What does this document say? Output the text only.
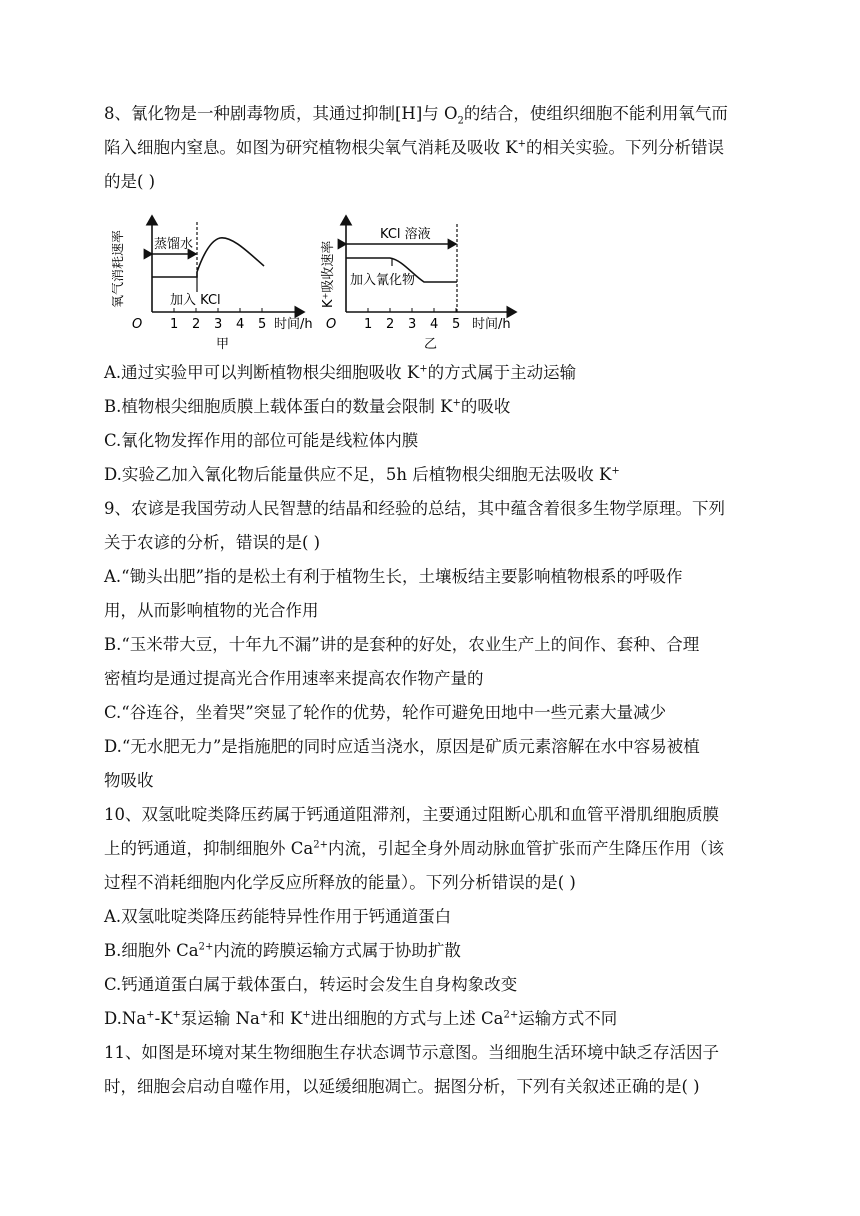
8、氰化物是一种剧毒物质，其通过抑制[H]与 $O_2$的结合，使组织细胞不能利用氧气而
陷入细胞内窒息。如图为研究植物根尖氧气消耗及吸收 K+的相关实验。下列分析错误
的是( )
氧气消耗速率
O 1 2 3 4 5 时间/h
甲
蒸馏水
加入 KCl	K⁺吸收速率
O 1 2 3 4 5 时间/h
乙
KCl 溶液
加入氰化物
A.通过实验甲可以判断植物根尖细胞吸收 K+的方式属于主动运输
B.植物根尖细胞质膜上载体蛋白的数量会限制 K+的吸收
C.氰化物发挥作用的部位可能是线粒体内膜
D.实验乙加入氰化物后能量供应不足，5h 后植物根尖细胞无法吸收 K+
9、农谚是我国劳动人民智慧的结晶和经验的总结，其中蕴含着很多生物学原理。下列
关于农谚的分析，错误的是( )
A.“锄头出肥”指的是松土有利于植物生长，土壤板结主要影响植物根系的呼吸作
用，从而影响植物的光合作用
B.“玉米带大豆，十年九不漏”讲的是套种的好处，农业生产上的间作、套种、合理
密植均是通过提高光合作用速率来提高农作物产量的
C.“谷连谷，坐着哭”突显了轮作的优势，轮作可避免田地中一些元素大量减少
D.“无水肥无力”是指施肥的同时应适当浇水，原因是矿质元素溶解在水中容易被植
物吸收
10、双氢吡啶类降压药属于钙通道阻滞剂，主要通过阻断心肌和血管平滑肌细胞质膜
上的钙通道，抑制细胞外 $Ca^{2+}$内流，引起全身外周动脉血管扩张而产生降压作用（该
过程不消耗细胞内化学反应所释放的能量）。下列分析错误的是( )
A.双氢吡啶类降压药能特异性作用于钙通道蛋白
B.细胞外 $Ca^{2+}$内流的跨膜运输方式属于协助扩散
C.钙通道蛋白属于载体蛋白，转运时会发生自身构象改变
D.Na+-K+泵运输 Na+和 K+进出细胞的方式与上述 $Ca^{2+}$运输方式不同
11、如图是环境对某生物细胞生存状态调节示意图。当细胞生活环境中缺乏存活因子
时，细胞会启动自噬作用，以延缓细胞凋亡。据图分析，下列有关叙述正确的是( )
